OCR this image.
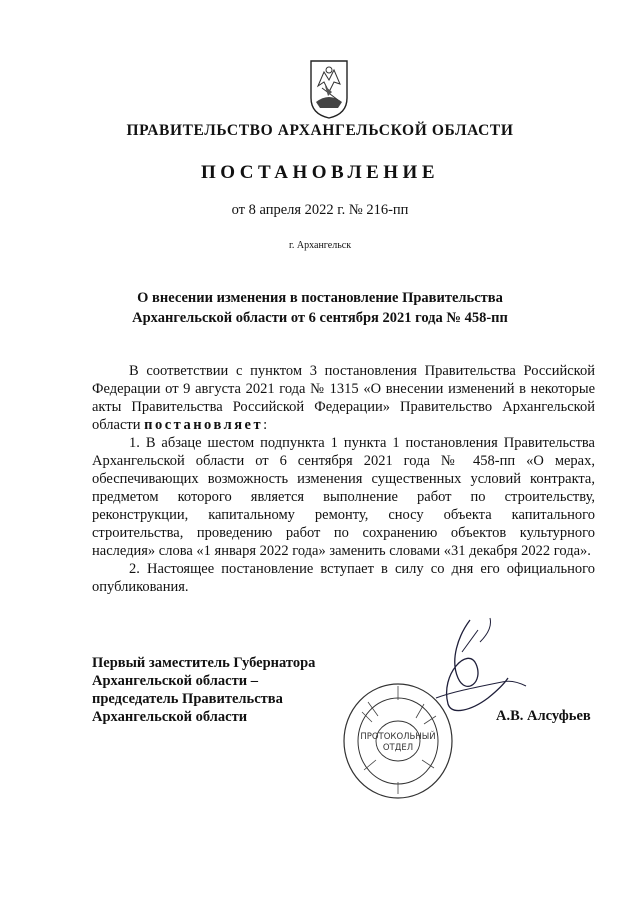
ПРАВИТЕЛЬСТВО АРХАНГЕЛЬСКОЙ ОБЛАСТИ
ПОСТАНОВЛЕНИЕ
от 8 апреля 2022 г. № 216-пп
г. Архангельск
О внесении изменения в постановление Правительства
Архангельской области от 6 сентября 2021 года № 458-пп

В соответствии с пунктом 3 постановления Правительства Российской Федерации от 9 августа 2021 года № 1315 «О внесении изменений в некоторые акты Правительства Российской Федерации» Правительство Архангельской области постановляет:

1. В абзаце шестом подпункта 1 пункта 1 постановления Правительства Архангельской области от 6 сентября 2021 года № 458-пп «О мерах, обеспечивающих возможность изменения существенных условий контракта, предметом которого является выполнение работ по строительству, реконструкции, капитальному ремонту, сносу объекта капитального строительства, проведению работ по сохранению объектов культурного наследия» слова «1 января 2022 года» заменить словами «31 декабря 2022 года».

2. Настоящее постановление вступает в силу со дня его официального опубликования.

Первый заместитель Губернатора
Архангельской области –
председатель Правительства
Архангельской области
ПРОТОКОЛЬНЫЙ
ОТДЕЛ
А.В. Алсуфьев
